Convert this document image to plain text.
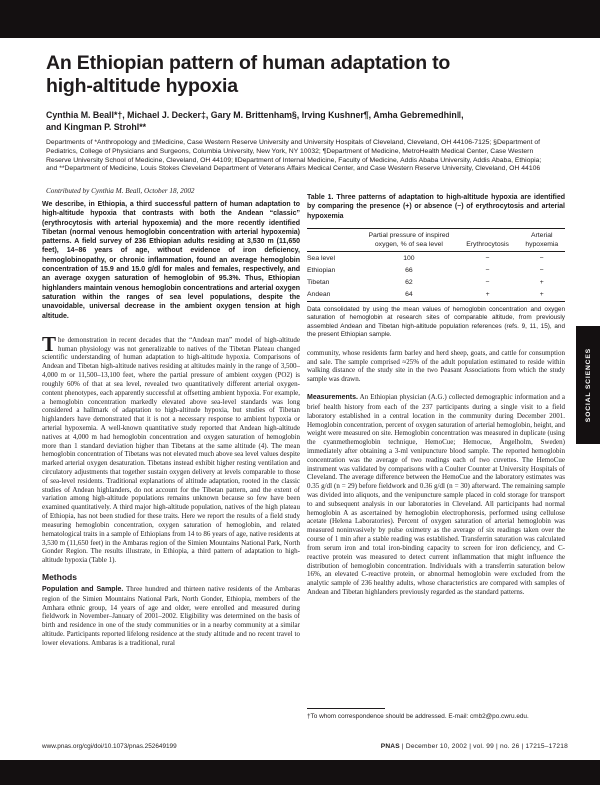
An Ethiopian pattern of human adaptation to
high-altitude hypoxia
Cynthia M. Beall*†, Michael J. Decker‡, Gary M. Brittenham§, Irving Kushner¶, Amha Gebremedhin‖,
and Kingman P. Strohl**
Departments of *Anthropology and ‡Medicine, Case Western Reserve University and University Hospitals of Cleveland, Cleveland, OH 44106-7125; §Department of Pediatrics, College of Physicians and Surgeons, Columbia University, New York, NY 10032; ¶Department of Medicine, MetroHealth Medical Center, Case Western Reserve University School of Medicine, Cleveland, OH 44109; ‖Department of Internal Medicine, Faculty of Medicine, Addis Ababa University, Addis Ababa, Ethiopia; and **Department of Medicine, Louis Stokes Cleveland Department of Veterans Affairs Medical Center, and Case Western Reserve University, Cleveland, OH 44106
Contributed by Cynthia M. Beall, October 18, 2002

We describe, in Ethiopia, a third successful pattern of human adaptation to high-altitude hypoxia that contrasts with both the Andean “classic” (erythrocytosis with arterial hypoxemia) and the more recently identified Tibetan (normal venous hemoglobin concentration with arterial hypoxemia) patterns. A field survey of 236 Ethiopian adults residing at 3,530 m (11,650 feet), 14–86 years of age, without evidence of iron deficiency, hemoglobinopathy, or chronic inflammation, found an average hemoglobin concentration of 15.9 and 15.0 g/dl for males and females, respectively, and an average oxygen saturation of hemoglobin of 95.3%. Thus, Ethiopian highlanders maintain venous hemoglobin concentrations and arterial oxygen saturation within the ranges of sea level populations, despite the unavoidable, universal decrease in the ambient oxygen tension at high altitude.

The demonstration in recent decades that the “Andean man” model of high-altitude human physiology was not generalizable to natives of the Tibetan Plateau changed scientific understanding of human adaptation to high-altitude hypoxia. Comparisons of Andean and Tibetan high-altitude natives residing at altitudes mainly in the range of 3,500–4,000 m or 11,500–13,100 feet, where the partial pressure of ambient oxygen (PO2) is roughly 60% of that at sea level, revealed two quantitatively different arterial oxygen-content phenotypes, each apparently successful at offsetting ambient hypoxia. For example, a hemoglobin concentration markedly elevated above sea-level standards was long considered a hallmark of adaptation to high-altitude hypoxia, but studies of Tibetan highlanders have demonstrated that it is not a necessary response to ambient hypoxia or arterial hypoxemia. A well-known quantitative study reported that Andean high-altitude natives at 4,000 m had hemoglobin concentration and oxygen saturation of hemoglobin more than 1 standard deviation higher than Tibetans at the same altitude (4). The mean hemoglobin concentration of Tibetans was not elevated much above sea level values despite marked arterial oxygen desaturation. Tibetans instead exhibit higher resting ventilation and circulatory adjustments that together sustain oxygen delivery at levels comparable to those of sea-level residents. Traditional explanations of altitude adaptation, rooted in the classic studies of Andean highlanders, do not account for the Tibetan pattern, and the extent of variation among high-altitude populations remains unknown because so few have been examined quantitatively. A third major high-altitude population, natives of the high plateau of Ethiopia, has not been studied for these traits. Here we report the results of a field study measuring hemoglobin concentration, oxygen saturation of hemoglobin, and related hematological traits in a sample of Ethiopians from 14 to 86 years of age, native residents at 3,530 m (11,650 feet) in the Ambaras region of the Simien Mountains National Park, North Gonder Region. The results illustrate, in Ethiopia, a third pattern of adaptation to high-altitude hypoxia (Table 1).

Methods

Population and Sample. Three hundred and thirteen native residents of the Ambaras region of the Simien Mountains National Park, North Gonder, Ethiopia, members of the Amhara ethnic group, 14 years of age and older, were enrolled and measured during fieldwork in November–January of 2001–2002. Eligibility was determined on the basis of birth and residence in one of the study communities or in a nearby community at a similar altitude. Participants reported lifelong residence at the study altitude and no recent travel to lower elevations. Ambaras is a traditional, rural

Table 1. Three patterns of adaptation to high-altitude hypoxia are identified by comparing the presence (+) or absence (−) of erythrocytosis and arterial hypoxemia

	Partial pressure of inspired oxygen, % of sea level	Erythrocytosis	Arterial hypoxemia
Sea level	100	−	−
Ethiopian	66	−	−
Tibetan	62	−	+
Andean	64	+	+

Data consolidated by using the mean values of hemoglobin concentration and oxygen saturation of hemoglobin at research sites of comparable altitude, from previously assembled Andean and Tibetan high-altitude population references (refs. 9, 11, 15), and the present Ethiopian sample.

community, whose residents farm barley and herd sheep, goats, and cattle for consumption and sale. The sample comprised ≈25% of the adult population estimated to reside within walking distance of the study site in the two Peasant Associations from which the study sample was drawn.

Measurements. An Ethiopian physician (A.G.) collected demographic information and a brief health history from each of the 237 participants during a single visit to a field laboratory established in a central location in the community during December 2001. Hemoglobin concentration, percent of oxygen saturation of arterial hemoglobin, height, and weight were measured on site. Hemoglobin concentration was measured in duplicate (using the cyanmethemoglobin technique, HemoCue; Hemocue, Ängelholm, Sweden) immediately after obtaining a 3-ml venipuncture blood sample. The reported hemoglobin concentration was the average of two readings each of two cuvettes. The HemoCue instrument was validated by comparisons with a Coulter Counter at University Hospitals of Cleveland. The average difference between the HemoCue and the laboratory estimates was 0.35 g/dl (n = 29) before fieldwork and 0.36 g/dl (n = 30) afterward. The remaining sample was divided into aliquots, and the venipuncture sample placed in cold storage for transport to and subsequent analysis in our laboratories in Cleveland. All participants had normal hemoglobin A as ascertained by hemoglobin electrophoresis, performed using cellulose acetate (Helena Laboratories). Percent of oxygen saturation of arterial hemoglobin was measured noninvasively by pulse oximetry as the average of six readings taken over the course of 1 min after a stable reading was established. Transferrin saturation was calculated from serum iron and total iron-binding capacity to screen for iron deficiency, and C-reactive protein was measured to detect current inflammation that might influence the distribution of hemoglobin concentration. Individuals with a transferrin saturation below 16%, an elevated C-reactive protein, or abnormal hemoglobin were excluded from the analytic sample of 236 healthy adults, whose characteristics are compared with samples of Andean and Tibetan highlanders previously regarded as the standard patterns.

†To whom correspondence should be addressed. E-mail: cmb2@po.cwru.edu.
www.pnas.org/cgi/doi/10.1073/pnas.252649199	PNAS | December 10, 2002 | vol. 99 | no. 26 | 17215–17218
SOCIAL SCIENCES
